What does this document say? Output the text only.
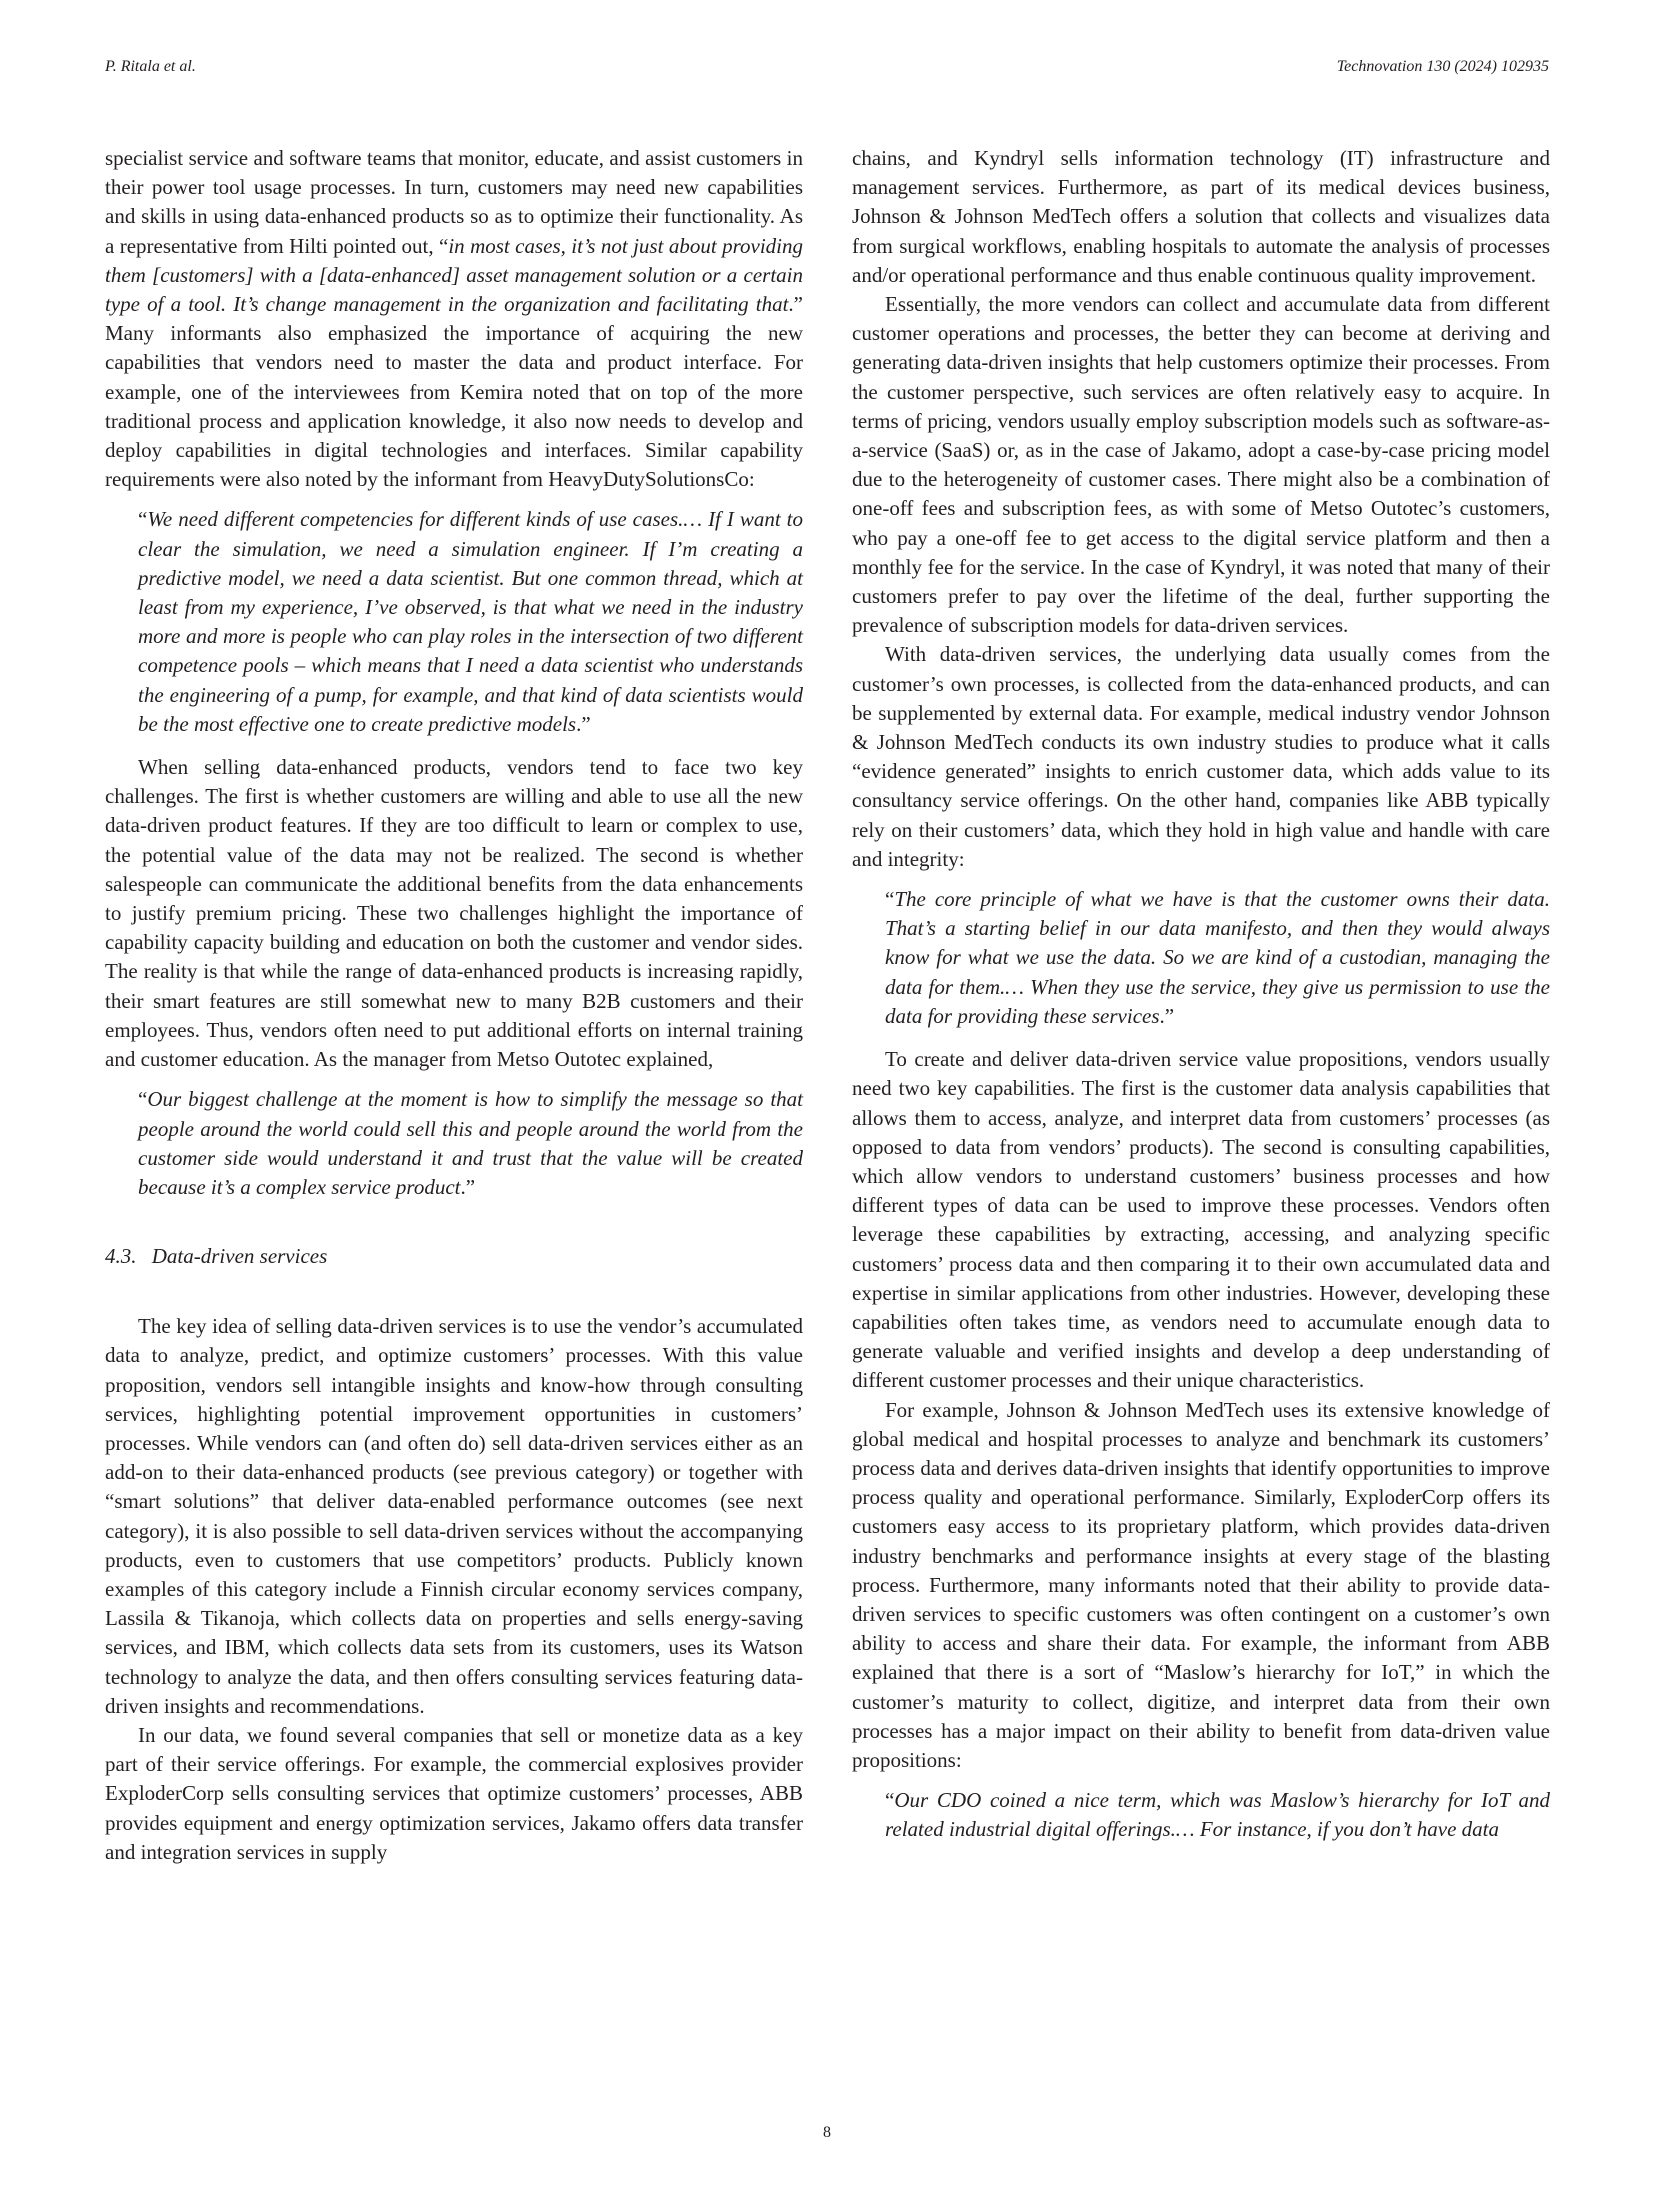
P. Ritala et al.	Technovation 130 (2024) 102935

specialist service and software teams that monitor, educate, and assist customers in their power tool usage processes. In turn, customers may need new capabilities and skills in using data-enhanced products so as to optimize their functionality. As a representative from Hilti pointed out, “in most cases, it’s not just about providing them [customers] with a [data-enhanced] asset management solution or a certain type of a tool. It’s change management in the organization and facilitating that.” Many informants also emphasized the importance of acquiring the new capabilities that vendors need to master the data and product interface. For example, one of the interviewees from Kemira noted that on top of the more traditional process and application knowledge, it also now needs to develop and deploy capabilities in digital technologies and interfaces. Similar capability requirements were also noted by the informant from HeavyDutySolutionsCo:

“We need different competencies for different kinds of use cases.… If I want to clear the simulation, we need a simulation engineer. If I’m creating a predictive model, we need a data scientist. But one common thread, which at least from my experience, I’ve observed, is that what we need in the industry more and more is people who can play roles in the intersection of two different competence pools – which means that I need a data scientist who understands the engineering of a pump, for example, and that kind of data scientists would be the most effective one to create predictive models.”

When selling data-enhanced products, vendors tend to face two key challenges. The first is whether customers are willing and able to use all the new data-driven product features. If they are too difficult to learn or complex to use, the potential value of the data may not be realized. The second is whether salespeople can communicate the additional benefits from the data enhancements to justify premium pricing. These two challenges highlight the importance of capability capacity building and education on both the customer and vendor sides. The reality is that while the range of data-enhanced products is increasing rapidly, their smart features are still somewhat new to many B2B customers and their employees. Thus, vendors often need to put additional efforts on internal training and customer education. As the manager from Metso Outotec explained,

“Our biggest challenge at the moment is how to simplify the message so that people around the world could sell this and people around the world from the customer side would understand it and trust that the value will be created because it’s a complex service product.”
4.3. Data-driven services

The key idea of selling data-driven services is to use the vendor’s accumulated data to analyze, predict, and optimize customers’ processes. With this value proposition, vendors sell intangible insights and know-how through consulting services, highlighting potential improvement opportunities in customers’ processes. While vendors can (and often do) sell data-driven services either as an add-on to their data-enhanced products (see previous category) or together with “smart solutions” that deliver data-enabled performance outcomes (see next category), it is also possible to sell data-driven services without the accompanying products, even to customers that use competitors’ products. Publicly known examples of this category include a Finnish circular economy services company, Lassila & Tikanoja, which collects data on properties and sells energy-saving services, and IBM, which collects data sets from its customers, uses its Watson technology to analyze the data, and then offers consulting services featuring data-driven insights and recommendations.

In our data, we found several companies that sell or monetize data as a key part of their service offerings. For example, the commercial explosives provider ExploderCorp sells consulting services that optimize customers’ processes, ABB provides equipment and energy optimization services, Jakamo offers data transfer and integration services in supply

chains, and Kyndryl sells information technology (IT) infrastructure and management services. Furthermore, as part of its medical devices business, Johnson & Johnson MedTech offers a solution that collects and visualizes data from surgical workflows, enabling hospitals to automate the analysis of processes and/or operational performance and thus enable continuous quality improvement.

Essentially, the more vendors can collect and accumulate data from different customer operations and processes, the better they can become at deriving and generating data-driven insights that help customers optimize their processes. From the customer perspective, such services are often relatively easy to acquire. In terms of pricing, vendors usually employ subscription models such as software-as-a-service (SaaS) or, as in the case of Jakamo, adopt a case-by-case pricing model due to the heterogeneity of customer cases. There might also be a combination of one-off fees and subscription fees, as with some of Metso Outotec’s customers, who pay a one-off fee to get access to the digital service platform and then a monthly fee for the service. In the case of Kyndryl, it was noted that many of their customers prefer to pay over the lifetime of the deal, further supporting the prevalence of subscription models for data-driven services.

With data-driven services, the underlying data usually comes from the customer’s own processes, is collected from the data-enhanced products, and can be supplemented by external data. For example, medical industry vendor Johnson & Johnson MedTech conducts its own industry studies to produce what it calls “evidence generated” insights to enrich customer data, which adds value to its consultancy service offerings. On the other hand, companies like ABB typically rely on their customers’ data, which they hold in high value and handle with care and integrity:

“The core principle of what we have is that the customer owns their data. That’s a starting belief in our data manifesto, and then they would always know for what we use the data. So we are kind of a custodian, managing the data for them.… When they use the service, they give us permission to use the data for providing these services.”

To create and deliver data-driven service value propositions, vendors usually need two key capabilities. The first is the customer data analysis capabilities that allows them to access, analyze, and interpret data from customers’ processes (as opposed to data from vendors’ products). The second is consulting capabilities, which allow vendors to understand customers’ business processes and how different types of data can be used to improve these processes. Vendors often leverage these capabilities by extracting, accessing, and analyzing specific customers’ process data and then comparing it to their own accumulated data and expertise in similar applications from other industries. However, developing these capabilities often takes time, as vendors need to accumulate enough data to generate valuable and verified insights and develop a deep understanding of different customer processes and their unique characteristics.

For example, Johnson & Johnson MedTech uses its extensive knowledge of global medical and hospital processes to analyze and benchmark its customers’ process data and derives data-driven insights that identify opportunities to improve process quality and operational performance. Similarly, ExploderCorp offers its customers easy access to its proprietary platform, which provides data-driven industry benchmarks and performance insights at every stage of the blasting process. Furthermore, many informants noted that their ability to provide data-driven services to specific customers was often contingent on a customer’s own ability to access and share their data. For example, the informant from ABB explained that there is a sort of “Maslow’s hierarchy for IoT,” in which the customer’s maturity to collect, digitize, and interpret data from their own processes has a major impact on their ability to benefit from data-driven value propositions:

“Our CDO coined a nice term, which was Maslow’s hierarchy for IoT and related industrial digital offerings.… For instance, if you don’t have data
8
